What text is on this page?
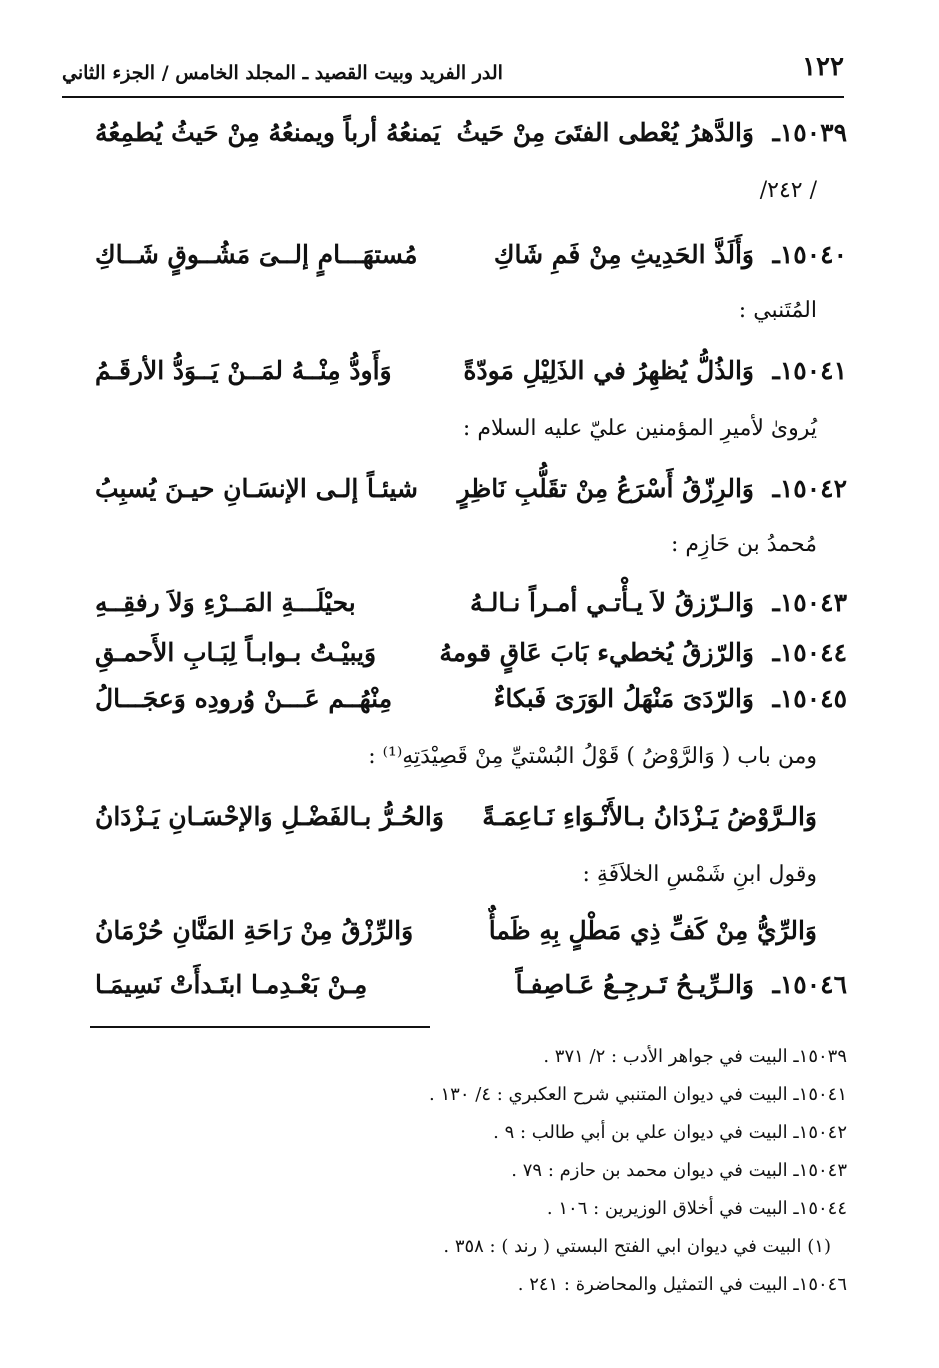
١٢٢
الدر الفريد وبيت القصيد ـ المجلد الخامس / الجزء الثاني
١٥٠٣٩ـ
وَالدَّهرُ يُعْطى الفتَىَ مِنْ حَيثُ
يَمنعُهُ أرباً ويمنعُهُ مِنْ حَيثُ يُطمِعُهُ
/ ٢٤٢/
١٥٠٤٠ـ
وَأَلَذَّ الحَدِيثِ مِنْ فَمِ شَاكِ
مُستهَـــامٍ إلــىَ مَشُــوقٍ شَــاكِ
المُتَنبي :
١٥٠٤١ـ
وَالذُلُّ يُظهِرُ في الذَلِيْلِ مَودّةً
وَأَودُّ مِنْــهُ لمَــنْ يَــوَدُّ الأرقَـمُ
يُروىٰ لأميرِ المؤمنين عليّ عليه السلام :
١٥٠٤٢ـ
وَالرِزّقُ أَسْرَعُ مِنْ تقَلُّبِ نَاظِرٍ
شيئـاً إلـى الإنسَـانِ حيـنَ يُسبِبُ
مُحمدُ بن حَازِم :
١٥٠٤٣ـ
وَالـرّزقُ لاَ يـأْتـي أمـراً نـالـهُ
بحيْلَـــةِ المَــرْءِ وَلاَ رفقِــهِ
١٥٠٤٤ـ
وَالرّزقُ يُخطيء بَابَ عَاقٍ قومهُ
وَيبيْـتُ بـوابـاً لِبَـابِ الأَحمـقِ
١٥٠٤٥ـ
وَالرّدَىَ مَنْهَلُ الوَرَىَ فَبكاءٌ
مِنْهُــم عَـــنْ وُرودِه وَعجَـــالُ
ومن باب ( وَالرَّوْضُ ) قَوْلُ البُسْتيِّ مِنْ قَصِيْدَتِهِ⁽¹⁾ :
وَالـرَّوْضُ يَـزْدَانُ بـالأَنْـوَاءِ نَـاعِمَـةً
وَالحُـرُّ بـالفَضْـلِ وَالإحْسَـانِ يَـزْدَانُ
وقول ابنِ شَمْسِ الخلاَفَةِ :
وَالرِّيُّ مِنْ كَفِّ ذِي مَطْلٍ بِهِ ظَمأٌ
وَالرِّزْقُ مِنْ رَاحَةِ المَنَّانِ حُرْمَانُ
١٥٠٤٦ـ
وَالـرِّيـحُ تَـرجِـعُ عَـاصِفـاً
مِـنْ بَعْـدِمـا ابتَـدأَتْ نَسِيمَـا
١٥٠٣٩ـ البيت في جواهر الأدب : ٢/ ٣٧١ .
١٥٠٤١ـ البيت في ديوان المتنبي شرح العكبري : ٤/ ١٣٠ .
١٥٠٤٢ـ البيت في ديوان علي بن أبي طالب : ٩ .
١٥٠٤٣ـ البيت في ديوان محمد بن حازم : ٧٩ .
١٥٠٤٤ـ البيت في أخلاق الوزيرين : ١٠٦ .
(١) البيت في ديوان ابي الفتح البستي ( رند ) : ٣٥٨ .
١٥٠٤٦ـ البيت في التمثيل والمحاضرة : ٢٤١ .
